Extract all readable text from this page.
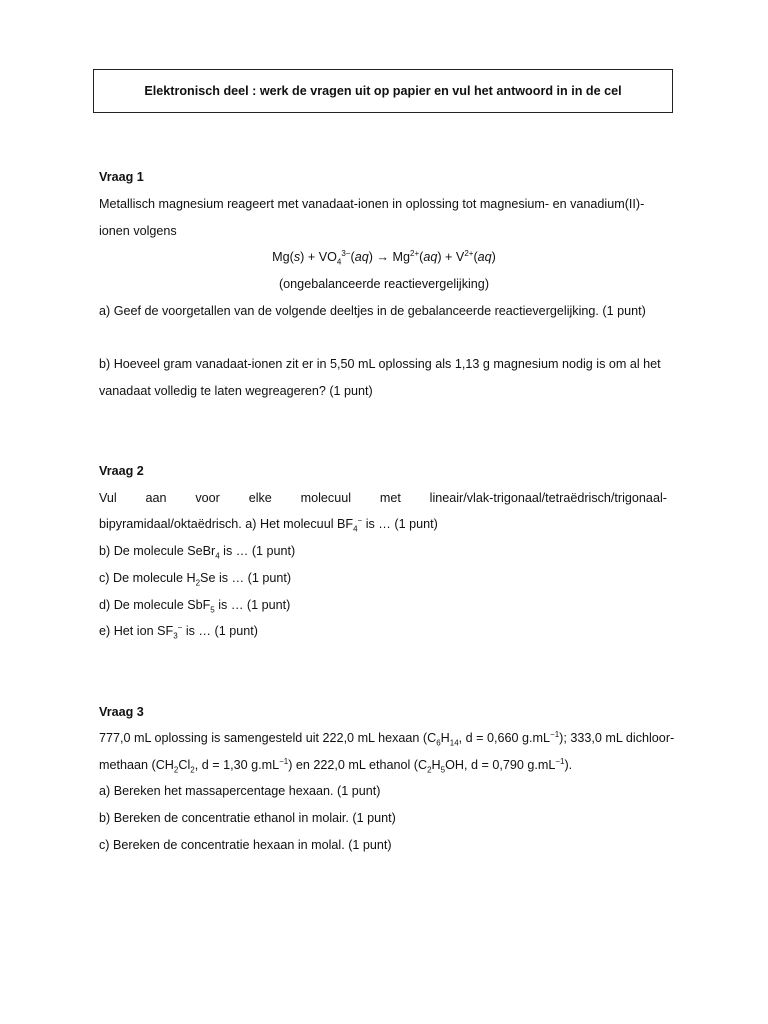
Elektronisch deel : werk de vragen uit op papier en vul het antwoord in in de cel
Vraag 1
Metallisch magnesium reageert met vanadaat-ionen in oplossing tot magnesium- en vanadium(II)-
ionen volgens
$Mg(s) + VO_4^{3-}(aq) \to Mg^{2+}(aq) + V^{2+}(aq)$
(ongebalanceerde reactievergelijking)
a) Geef de voorgetallen van de volgende deeltjes in de gebalanceerde reactievergelijking. (1 punt)
b) Hoeveel gram vanadaat-ionen zit er in 5,50 mL oplossing als 1,13 g magnesium nodig is om al het
vanadaat volledig te laten wegreageren? (1 punt)
Vraag 2
Vul aan voor elke molecuul met lineair/vlak-trigonaal/tetraëdrisch/trigonaal-
bipyramidaal/oktaëdrisch. a) Het molecuul $BF_4^-$ is … (1 punt)
b) De molecule SeBr$_4$ is … (1 punt)
c) De molecule $H_2Se$ is … (1 punt)
d) De molecule SbF$_5$ is … (1 punt)
e) Het ion $SF_3^-$ is … (1 punt)
Vraag 3
777,0 mL oplossing is samengesteld uit 222,0 mL hexaan ($C_6H_{14}$, d = 0,660 $g.mL^{-1}$); 333,0 mL dichloor-
methaan ($CH_2Cl_2$, d = 1,30 $g.mL^{-1}$) en 222,0 mL ethanol ($C_2H_5OH$, d = 0,790 $g.mL^{-1}$).
a) Bereken het massapercentage hexaan. (1 punt)
b) Bereken de concentratie ethanol in molair. (1 punt)
c) Bereken de concentratie hexaan in molal. (1 punt)
